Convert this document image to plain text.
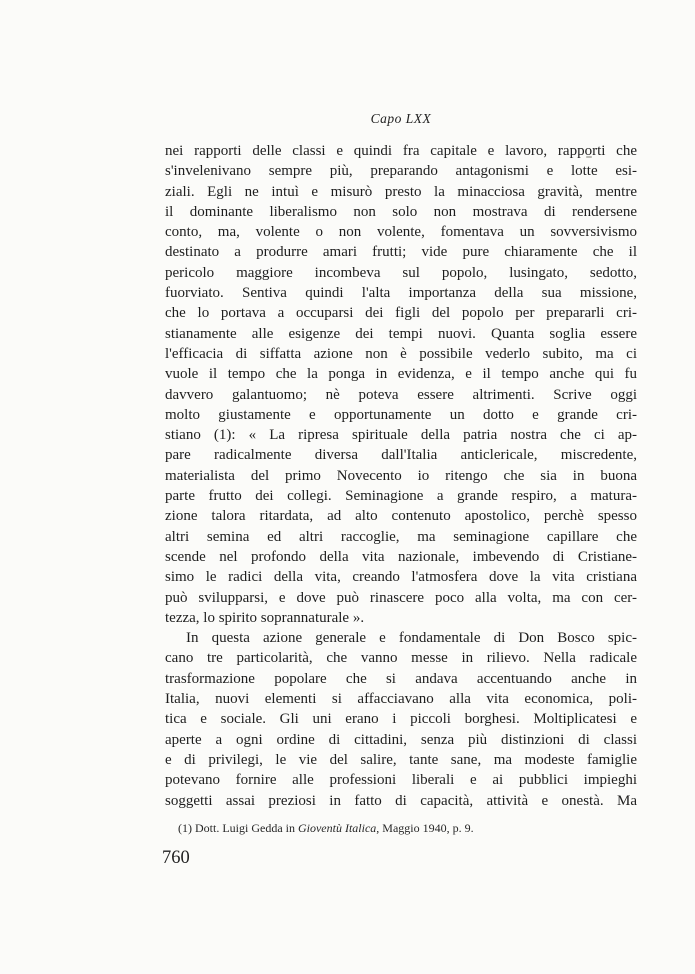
Capo LXX
nei rapporti delle classi e quindi fra capitale e lavoro, rapporti che
s'invelenivano sempre più, preparando antagonismi e lotte esi-
ziali. Egli ne intuì e misurò presto la minacciosa gravità, mentre
il dominante liberalismo non solo non mostrava di rendersene
conto, ma, volente o non volente, fomentava un sovversivismo
destinato a produrre amari frutti; vide pure chiaramente che il
pericolo maggiore incombeva sul popolo, lusingato, sedotto,
fuorviato. Sentiva quindi l'alta importanza della sua missione,
che lo portava a occuparsi dei figli del popolo per prepararli cri-
stianamente alle esigenze dei tempi nuovi. Quanta soglia essere
l'efficacia di siffatta azione non è possibile vederlo subito, ma ci
vuole il tempo che la ponga in evidenza, e il tempo anche qui fu
davvero galantuomo; nè poteva essere altrimenti. Scrive oggi
molto giustamente e opportunamente un dotto e grande cri-
stiano (1): « La ripresa spirituale della patria nostra che ci ap-
pare radicalmente diversa dall'Italia anticlericale, miscredente,
materialista del primo Novecento io ritengo che sia in buona
parte frutto dei collegi. Seminagione a grande respiro, a matura-
zione talora ritardata, ad alto contenuto apostolico, perchè spesso
altri semina ed altri raccoglie, ma seminagione capillare che
scende nel profondo della vita nazionale, imbevendo di Cristiane-
simo le radici della vita, creando l'atmosfera dove la vita cristiana
può svilupparsi, e dove può rinascere poco alla volta, ma con cer-
tezza, lo spirito soprannaturale ».
In questa azione generale e fondamentale di Don Bosco spic-
cano tre particolarità, che vanno messe in rilievo. Nella radicale
trasformazione popolare che si andava accentuando anche in
Italia, nuovi elementi si affacciavano alla vita economica, poli-
tica e sociale. Gli uni erano i piccoli borghesi. Moltiplicatesi e
aperte a ogni ordine di cittadini, senza più distinzioni di classi
e di privilegi, le vie del salire, tante sane, ma modeste famiglie
potevano fornire alle professioni liberali e ai pubblici impieghi
soggetti assai preziosi in fatto di capacità, attività e onestà. Ma
(1) Dott. Luigi Gedda in Gioventù Italica, Maggio 1940, p. 9.
760
